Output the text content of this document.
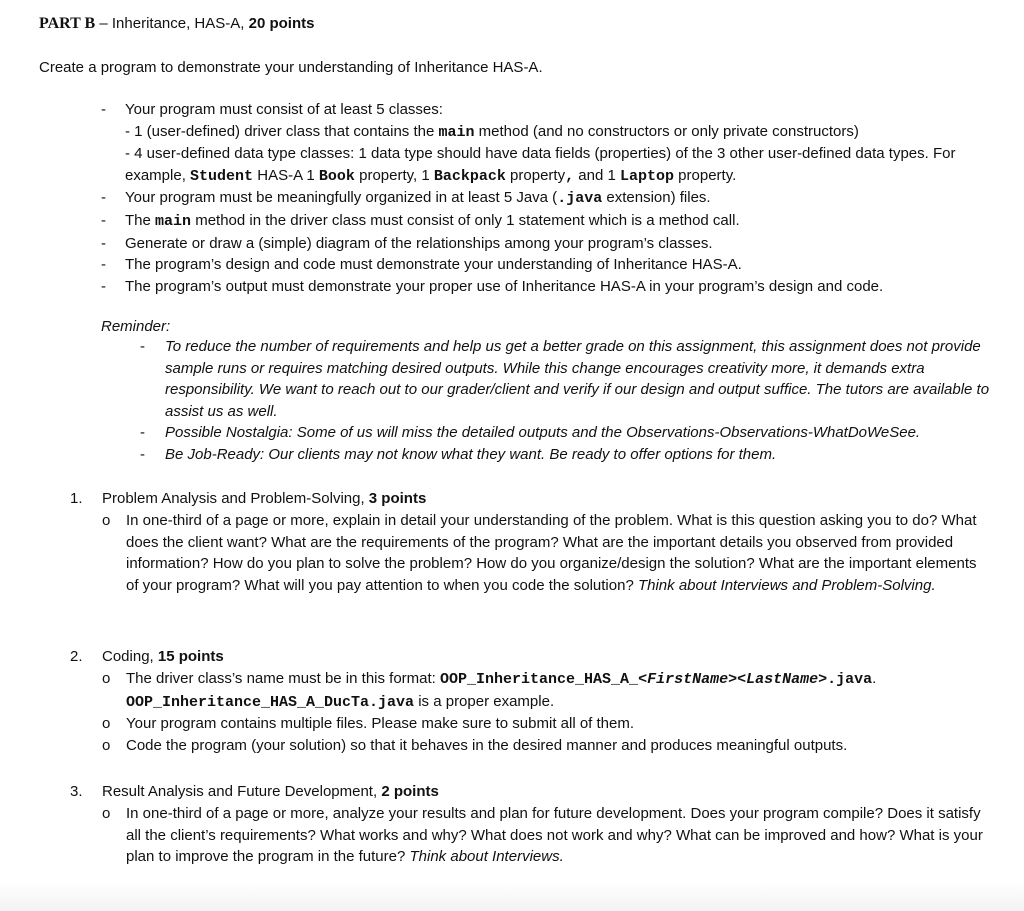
PART B – Inheritance, HAS-A, 20 points
Create a program to demonstrate your understanding of Inheritance HAS-A.
- Your program must consist of at least 5 classes:
- 1 (user-defined) driver class that contains the main method (and no constructors or only private constructors)
- 4 user-defined data type classes: 1 data type should have data fields (properties) of the 3 other user-defined data types. For example, Student HAS-A 1 Book property, 1 Backpack property, and 1 Laptop property.
- Your program must be meaningfully organized in at least 5 Java (.java extension) files.
- The main method in the driver class must consist of only 1 statement which is a method call.
- Generate or draw a (simple) diagram of the relationships among your program’s classes.
- The program’s design and code must demonstrate your understanding of Inheritance HAS-A.
- The program’s output must demonstrate your proper use of Inheritance HAS-A in your program’s design and code.
Reminder:
- To reduce the number of requirements and help us get a better grade on this assignment, this assignment does not provide sample runs or requires matching desired outputs. While this change encourages creativity more, it demands extra responsibility. We want to reach out to our grader/client and verify if our design and output suffice. The tutors are available to assist us as well.
- Possible Nostalgia: Some of us will miss the detailed outputs and the Observations-Observations-WhatDoWeSee.
- Be Job-Ready: Our clients may not know what they want. Be ready to offer options for them.
1. Problem Analysis and Problem-Solving, 3 points
o In one-third of a page or more, explain in detail your understanding of the problem. What is this question asking you to do? What does the client want? What are the requirements of the program? What are the important details you observed from provided information? How do you plan to solve the problem? How do you organize/design the solution? What are the important elements of your program? What will you pay attention to when you code the solution? Think about Interviews and Problem-Solving.
2. Coding, 15 points
o The driver class’s name must be in this format: OOP_Inheritance_HAS_A_<FirstName><LastName>.java.
OOP_Inheritance_HAS_A_DucTa.java is a proper example.
o Your program contains multiple files. Please make sure to submit all of them.
o Code the program (your solution) so that it behaves in the desired manner and produces meaningful outputs.
3. Result Analysis and Future Development, 2 points
o In one-third of a page or more, analyze your results and plan for future development. Does your program compile? Does it satisfy all the client’s requirements? What works and why? What does not work and why? What can be improved and how? What is your plan to improve the program in the future? Think about Interviews.
